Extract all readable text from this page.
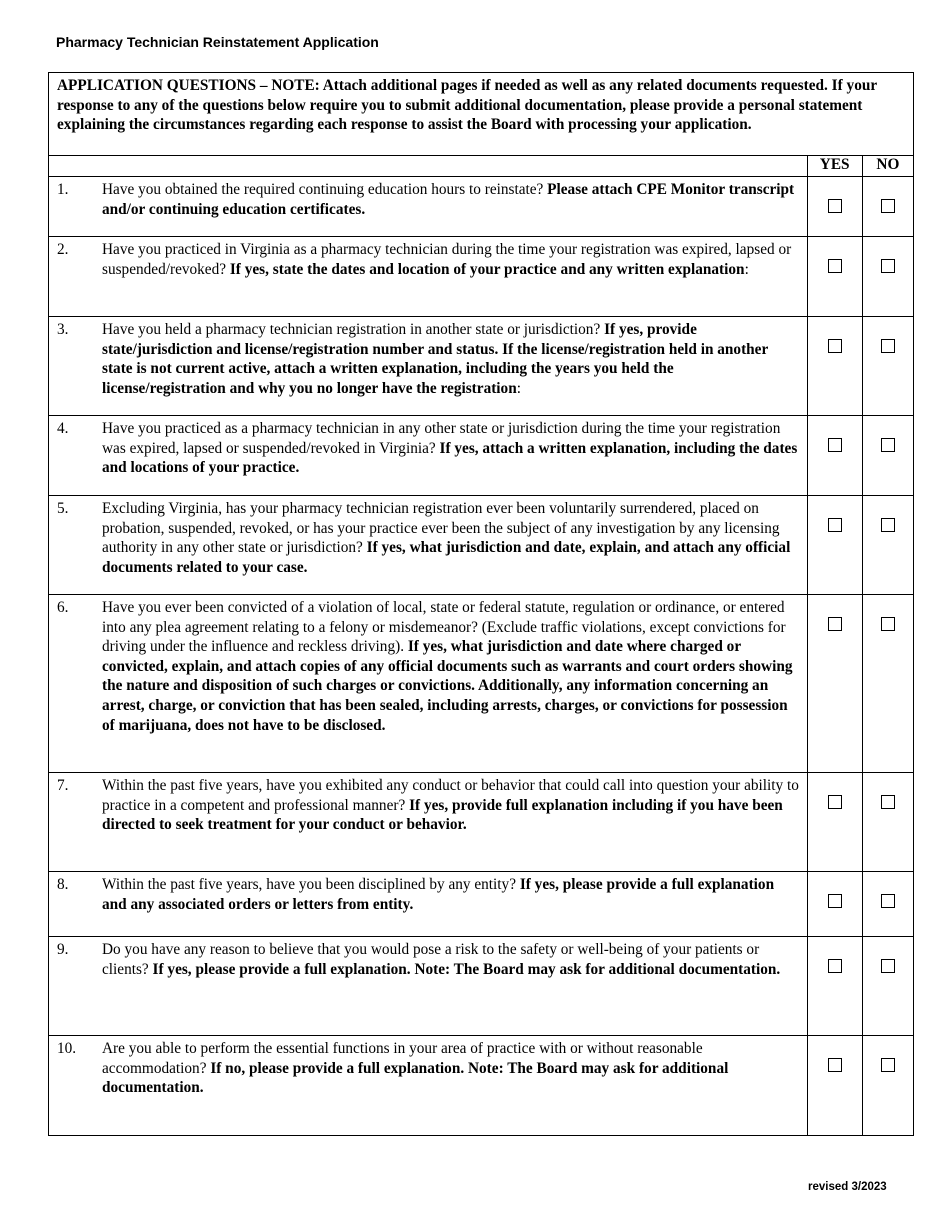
Pharmacy Technician Reinstatement Application
APPLICATION QUESTIONS – NOTE: Attach additional pages if needed as well as any related documents requested. If your response to any of the questions below require you to submit additional documentation, please provide a personal statement explaining the circumstances regarding each response to assist the Board with processing your application.		
	YES	NO

1. Have you obtained the required continuing education hours to reinstate? Please attach CPE Monitor transcript and/or continuing education certificates.		

2. Have you practiced in Virginia as a pharmacy technician during the time your registration was expired, lapsed or suspended/revoked? If yes, state the dates and location of your practice and any written explanation:		

3. Have you held a pharmacy technician registration in another state or jurisdiction? If yes, provide state/jurisdiction and license/registration number and status. If the license/registration held in another state is not current active, attach a written explanation, including the years you held the license/registration and why you no longer have the registration:		

4. Have you practiced as a pharmacy technician in any other state or jurisdiction during the time your registration was expired, lapsed or suspended/revoked in Virginia? If yes, attach a written explanation, including the dates and locations of your practice.		

5. Excluding Virginia, has your pharmacy technician registration ever been voluntarily surrendered, placed on probation, suspended, revoked, or has your practice ever been the subject of any investigation by any licensing authority in any other state or jurisdiction? If yes, what jurisdiction and date, explain, and attach any official documents related to your case.		

6. Have you ever been convicted of a violation of local, state or federal statute, regulation or ordinance, or entered into any plea agreement relating to a felony or misdemeanor? (Exclude traffic violations, except convictions for driving under the influence and reckless driving). If yes, what jurisdiction and date where charged or convicted, explain, and attach copies of any official documents such as warrants and court orders showing the nature and disposition of such charges or convictions. Additionally, any information concerning an arrest, charge, or conviction that has been sealed, including arrests, charges, or convictions for possession of marijuana, does not have to be disclosed.		

7. Within the past five years, have you exhibited any conduct or behavior that could call into question your ability to practice in a competent and professional manner? If yes, provide full explanation including if you have been directed to seek treatment for your conduct or behavior.		

8. Within the past five years, have you been disciplined by any entity? If yes, please provide a full explanation and any associated orders or letters from entity.		

9. Do you have any reason to believe that you would pose a risk to the safety or well-being of your patients or clients? If yes, please provide a full explanation. Note: The Board may ask for additional documentation.		

10. Are you able to perform the essential functions in your area of practice with or without reasonable accommodation? If no, please provide a full explanation. Note: The Board may ask for additional documentation.		

revised 3/2023
